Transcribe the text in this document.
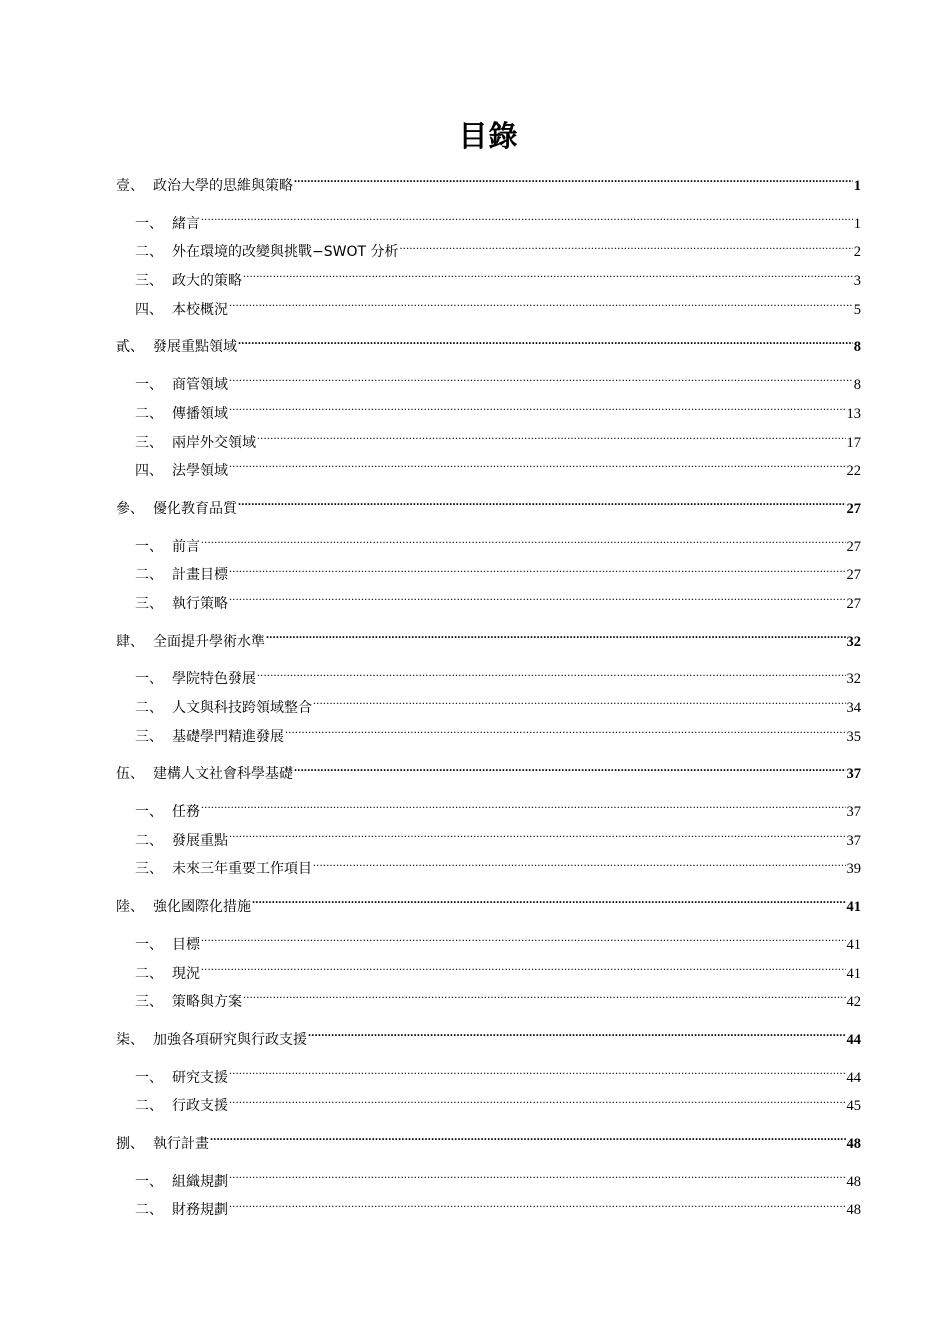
目錄
壹、 政治大學的思維與策略 .....	1
一、 緒言 .....	1
二、 外在環境的改變與挑戰−SWOT 分析 .....	2
三、 政大的策略 .....	3
四、 本校概況 .....	5
貳、 發展重點領域 .....	8
一、 商管領域 .....	8
二、 傳播領域 .....	13
三、 兩岸外交領域 .....	17
四、 法學領域 .....	22
參、 優化教育品質 .....	27
一、 前言 .....	27
二、 計畫目標 .....	27
三、 執行策略 .....	27
肆、 全面提升學術水準 .....	32
一、 學院特色發展 .....	32
二、 人文與科技跨領域整合 .....	34
三、 基礎學門精進發展 .....	35
伍、 建構人文社會科學基礎 .....	37
一、 任務 .....	37
二、 發展重點 .....	37
三、 未來三年重要工作項目 .....	39
陸、 強化國際化措施 .....	41
一、 目標 .....	41
二、 現況 .....	41
三、 策略與方案 .....	42
柒、 加強各項研究與行政支援 .....	44
一、 研究支援 .....	44
二、 行政支援 .....	45
捌、 執行計畫 .....	48
一、 組織規劃 .....	48
二、 財務規劃 .....	48
